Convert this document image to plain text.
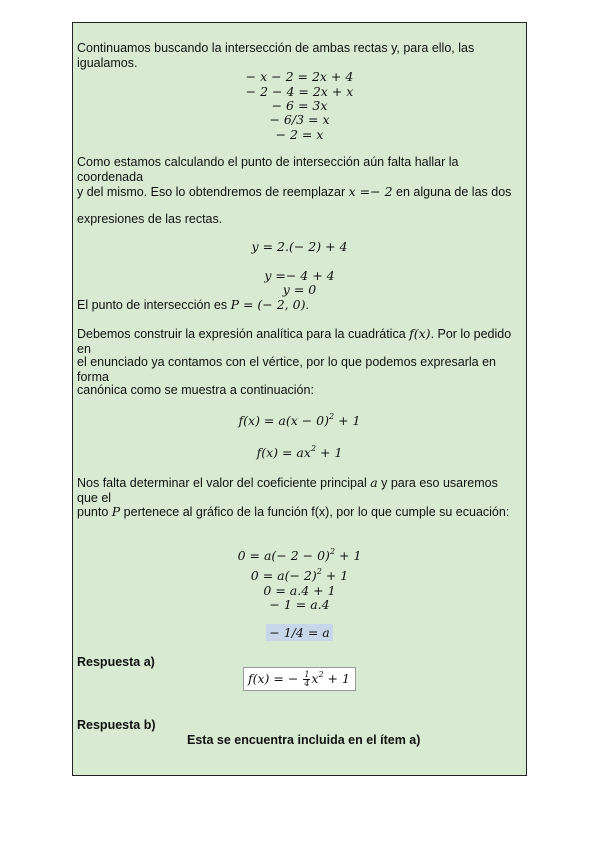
Continuamos buscando la intersección de ambas rectas y, para ello, las
igualamos.
− x − 2 = 2x + 4
− 2 − 4 = 2x + x
− 6 = 3x
− 6/3 = x
− 2 = x
Como estamos calculando el punto de intersección aún falta hallar la coordenada
y del mismo. Eso lo obtendremos de reemplazar x =− 2 en alguna de las dos
expresiones de las rectas.
y = 2.(− 2) + 4
y =− 4 + 4
y = 0
El punto de intersección es P = (− 2, 0).
Debemos construir la expresión analítica para la cuadrática f(x). Por lo pedido en
el enunciado ya contamos con el vértice, por lo que podemos expresarla en forma
canónica como se muestra a continuación:
$f(x) = a(x - 0)^2 + 1$
$f(x) = ax^2 + 1$
Nos falta determinar el valor del coeficiente principal a y para eso usaremos que el
punto P pertenece al gráfico de la función f(x), por lo que cumple su ecuación:
$0 = a(- 2 - 0)^2 + 1$
$0 = a(- 2)^2 + 1$
0 = a.4 + 1
− 1 = a.4
− 1/4 = a
Respuesta a)
f(x) = − $\frac{1}{4} x^2 + 1$
Respuesta b)
Esta se encuentra incluida en el ítem a)
